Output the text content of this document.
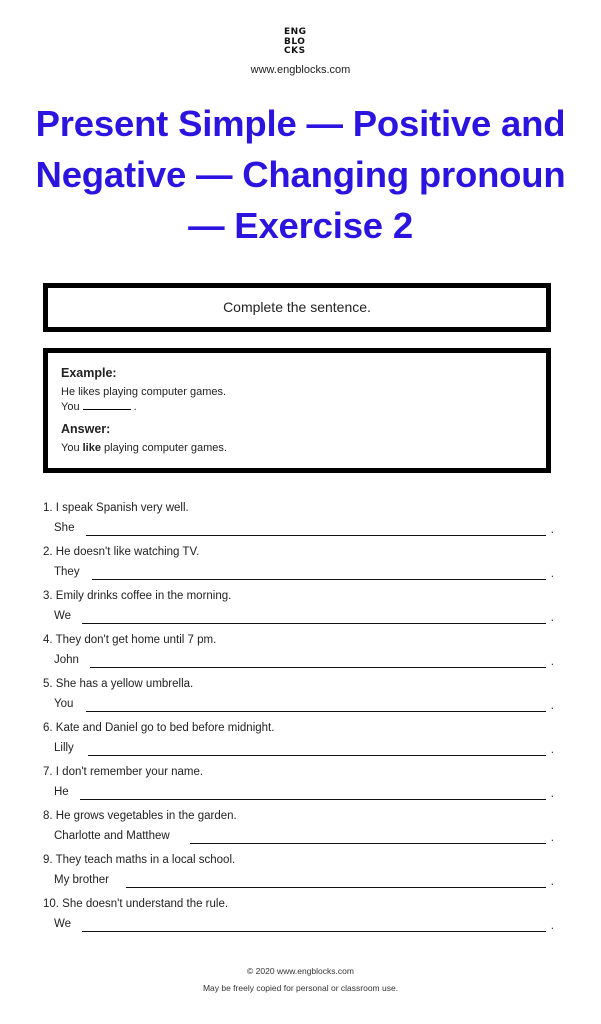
ENG
BLO
CKS
www.engblocks.com
Present Simple — Positive and Negative — Changing pronoun — Exercise 2
Complete the sentence.
Example:
He likes playing computer games.
You	.
Answer:
You like playing computer games.
1. I speak Spanish very well.
She	.
2. He doesn't like watching TV.
They	.
3. Emily drinks coffee in the morning.
We	.
4. They don't get home until 7 pm.
John	.
5. She has a yellow umbrella.
You	.
6. Kate and Daniel go to bed before midnight.
Lilly	.
7. I don't remember your name.
He	.
8. He grows vegetables in the garden.
Charlotte and Matthew	.
9. They teach maths in a local school.
My brother	.
10. She doesn't understand the rule.
We	.
© 2020 www.engblocks.com
May be freely copied for personal or classroom use.
